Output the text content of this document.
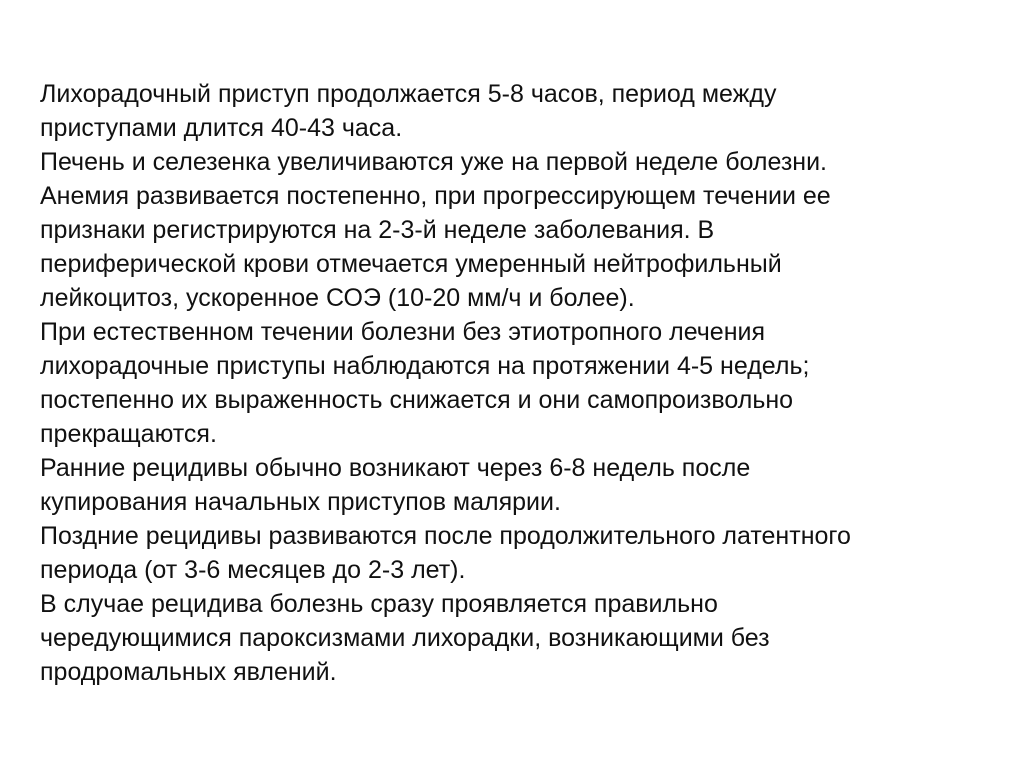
Лихорадочный приступ продолжается 5-8 часов, период между
приступами длится 40-43 часа.

Печень и селезенка увеличиваются уже на первой неделе болезни.

Анемия развивается постепенно, при прогрессирующем течении ее
признаки регистрируются на 2-3-й неделе заболевания. В
периферической крови отмечается умеренный нейтрофильный
лейкоцитоз, ускоренное СОЭ (10-20 мм/ч и более).

При естественном течении болезни без этиотропного лечения
лихорадочные приступы наблюдаются на протяжении 4-5 недель;
постепенно их выраженность снижается и они самопроизвольно
прекращаются.

Ранние рецидивы обычно возникают через 6-8 недель после
купирования начальных приступов малярии.

Поздние рецидивы развиваются после продолжительного латентного
периода (от 3-6 месяцев до 2-3 лет).

В случае рецидива болезнь сразу проявляется правильно
чередующимися пароксизмами лихорадки, возникающими без
продромальных явлений.
